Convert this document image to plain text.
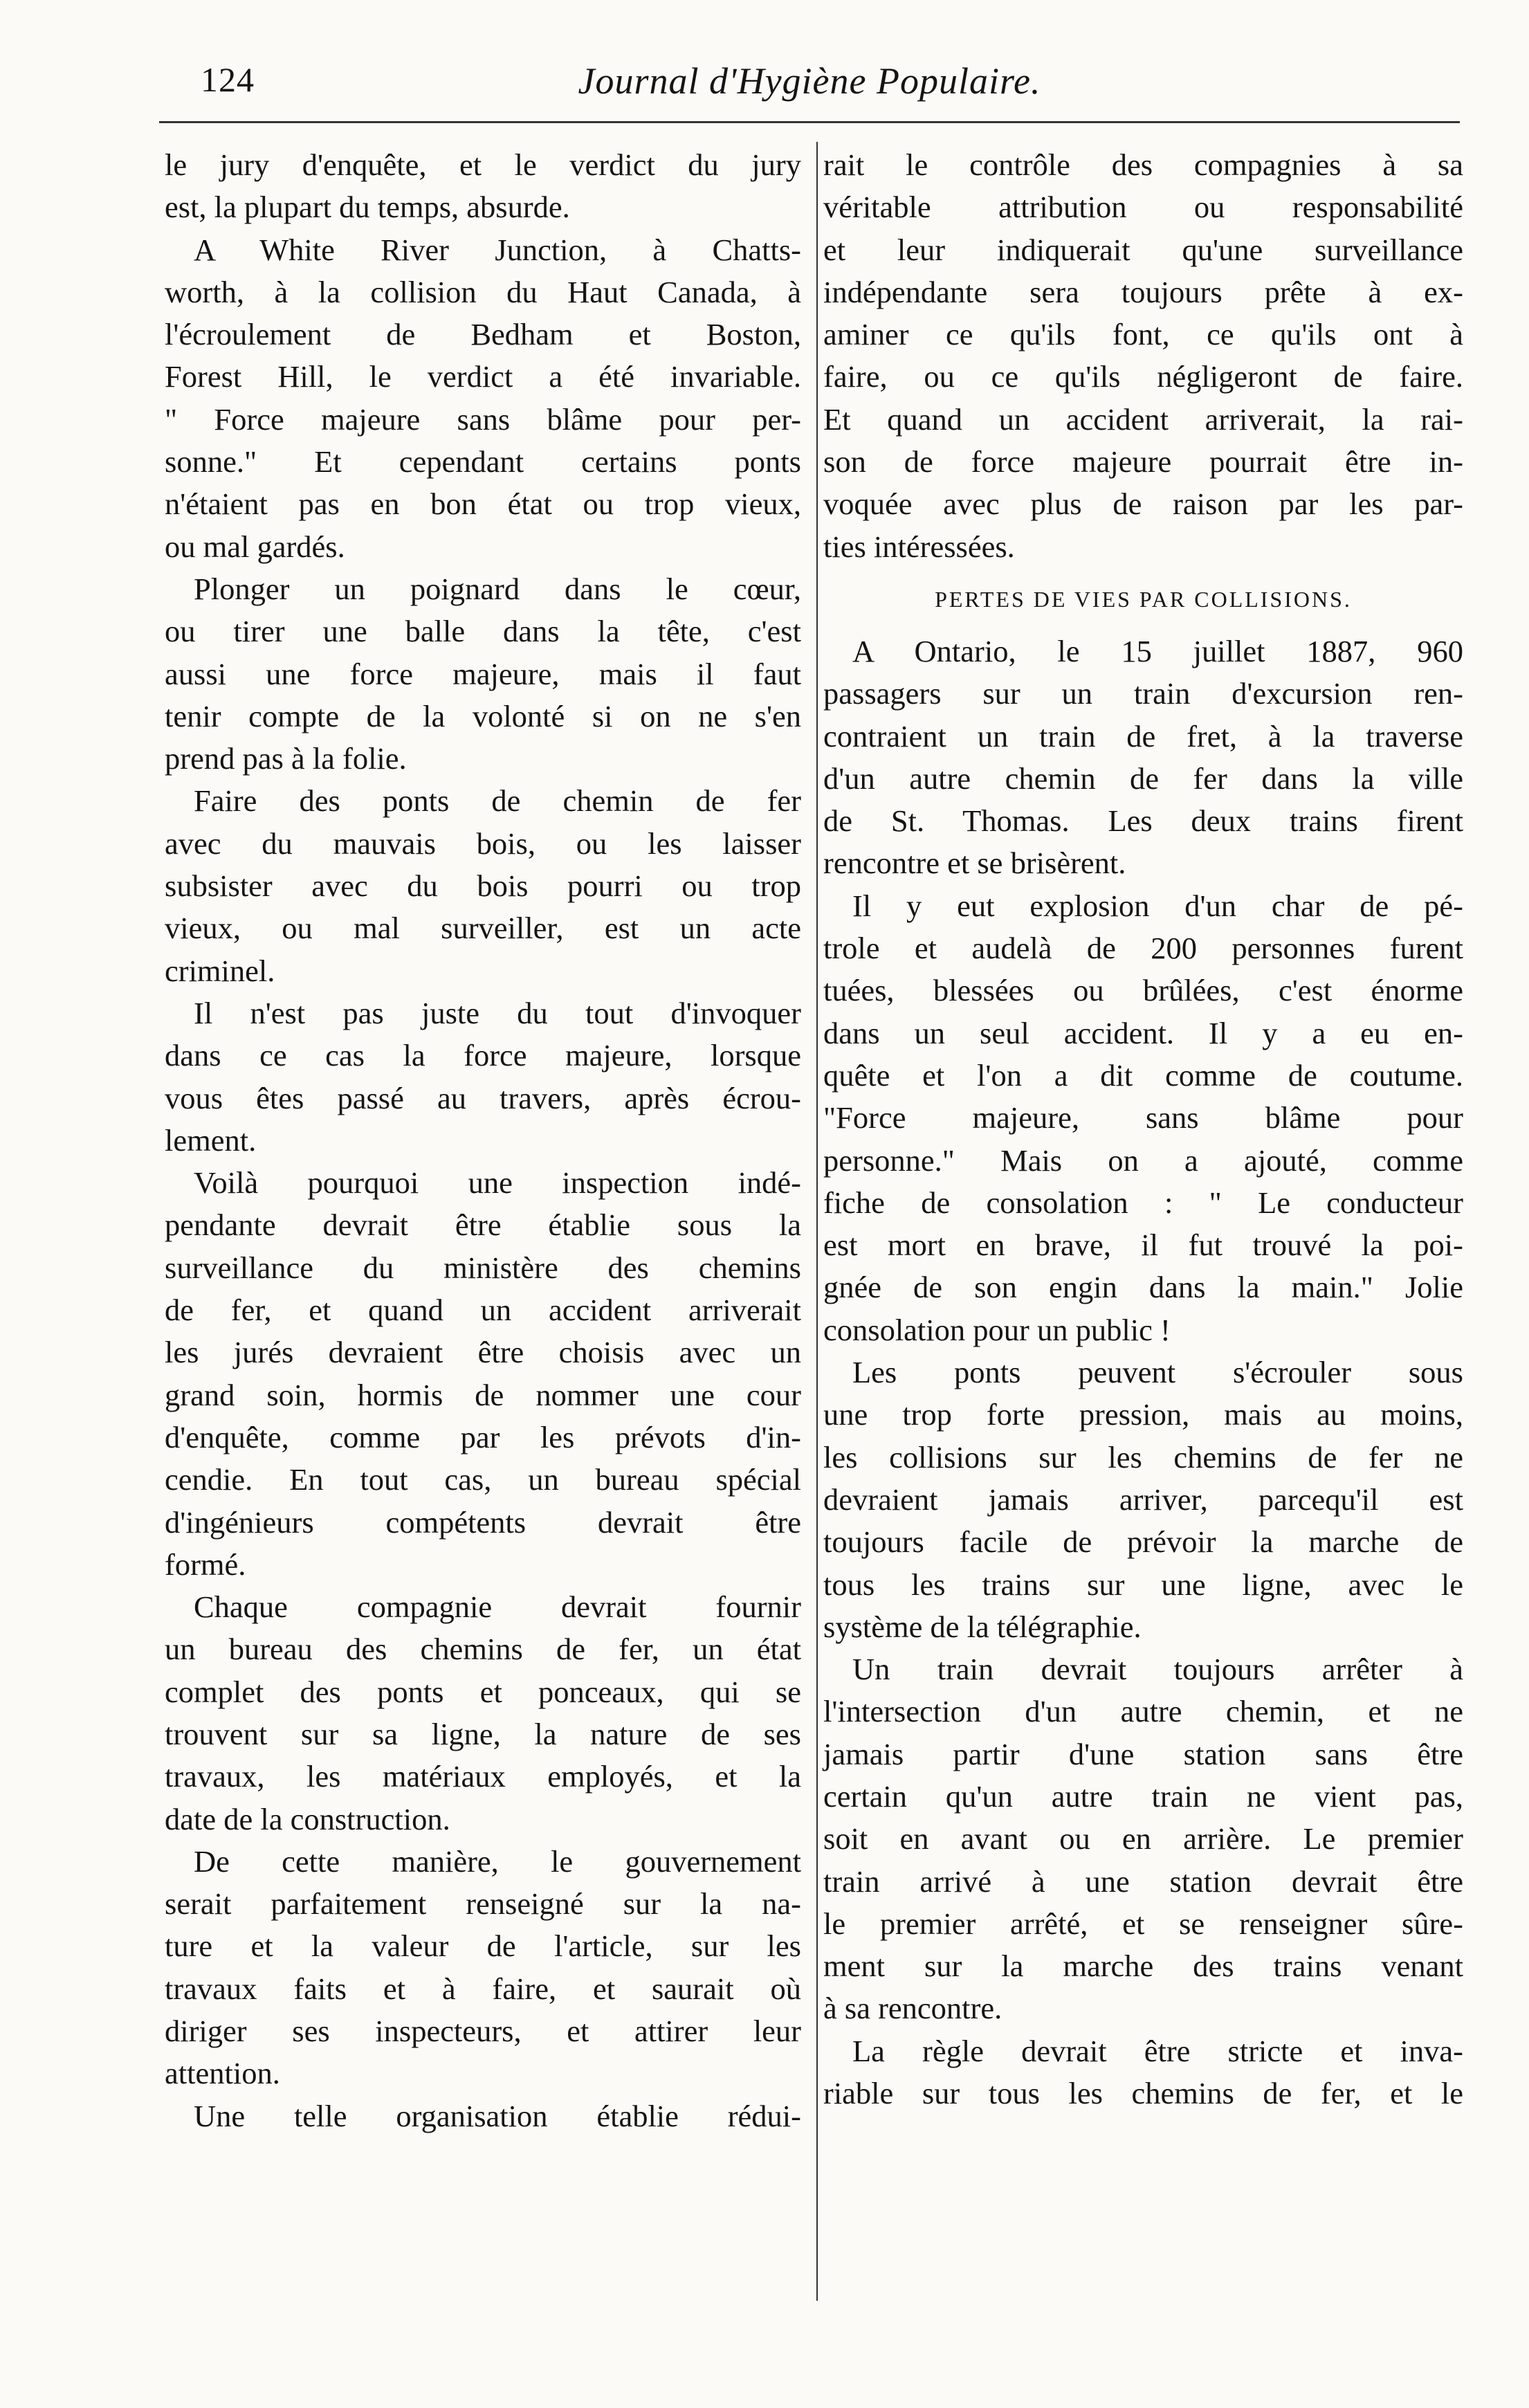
124	Journal d'Hygiène Populaire.
le jury d'enquête, et le verdict du jury
est, la plupart du temps, absurde.
A White River Junction, à Chatts-
worth, à la collision du Haut Canada, à
l'écroulement de Bedham et Boston,
Forest Hill, le verdict a été invariable.
" Force majeure sans blâme pour per-
sonne." Et cependant certains ponts
n'étaient pas en bon état ou trop vieux,
ou mal gardés.
Plonger un poignard dans le cœur,
ou tirer une balle dans la tête, c'est
aussi une force majeure, mais il faut
tenir compte de la volonté si on ne s'en
prend pas à la folie.
Faire des ponts de chemin de fer
avec du mauvais bois, ou les laisser
subsister avec du bois pourri ou trop
vieux, ou mal surveiller, est un acte
criminel.
Il n'est pas juste du tout d'invoquer
dans ce cas la force majeure, lorsque
vous êtes passé au travers, après écrou-
lement.
Voilà pourquoi une inspection indé-
pendante devrait être établie sous la
surveillance du ministère des chemins
de fer, et quand un accident arriverait
les jurés devraient être choisis avec un
grand soin, hormis de nommer une cour
d'enquête, comme par les prévots d'in-
cendie. En tout cas, un bureau spécial
d'ingénieurs compétents devrait être
formé.
Chaque compagnie devrait fournir
un bureau des chemins de fer, un état
complet des ponts et ponceaux, qui se
trouvent sur sa ligne, la nature de ses
travaux, les matériaux employés, et la
date de la construction.
De cette manière, le gouvernement
serait parfaitement renseigné sur la na-
ture et la valeur de l'article, sur les
travaux faits et à faire, et saurait où
diriger ses inspecteurs, et attirer leur
attention.
Une telle organisation établie rédui-
rait le contrôle des compagnies à sa
véritable attribution ou responsabilité
et leur indiquerait qu'une surveillance
indépendante sera toujours prête à ex-
aminer ce qu'ils font, ce qu'ils ont à
faire, ou ce qu'ils négligeront de faire.
Et quand un accident arriverait, la rai-
son de force majeure pourrait être in-
voquée avec plus de raison par les par-
ties intéressées.
PERTES DE VIES PAR COLLISIONS.
A Ontario, le 15 juillet 1887, 960
passagers sur un train d'excursion ren-
contraient un train de fret, à la traverse
d'un autre chemin de fer dans la ville
de St. Thomas. Les deux trains firent
rencontre et se brisèrent.
Il y eut explosion d'un char de pé-
trole et audelà de 200 personnes furent
tuées, blessées ou brûlées, c'est énorme
dans un seul accident. Il y a eu en-
quête et l'on a dit comme de coutume.
"Force majeure, sans blâme pour
personne." Mais on a ajouté, comme
fiche de consolation : " Le conducteur
est mort en brave, il fut trouvé la poi-
gnée de son engin dans la main." Jolie
consolation pour un public !
Les ponts peuvent s'écrouler sous
une trop forte pression, mais au moins,
les collisions sur les chemins de fer ne
devraient jamais arriver, parcequ'il est
toujours facile de prévoir la marche de
tous les trains sur une ligne, avec le
système de la télégraphie.
Un train devrait toujours arrêter à
l'intersection d'un autre chemin, et ne
jamais partir d'une station sans être
certain qu'un autre train ne vient pas,
soit en avant ou en arrière. Le premier
train arrivé à une station devrait être
le premier arrêté, et se renseigner sûre-
ment sur la marche des trains venant
à sa rencontre.
La règle devrait être stricte et inva-
riable sur tous les chemins de fer, et le
